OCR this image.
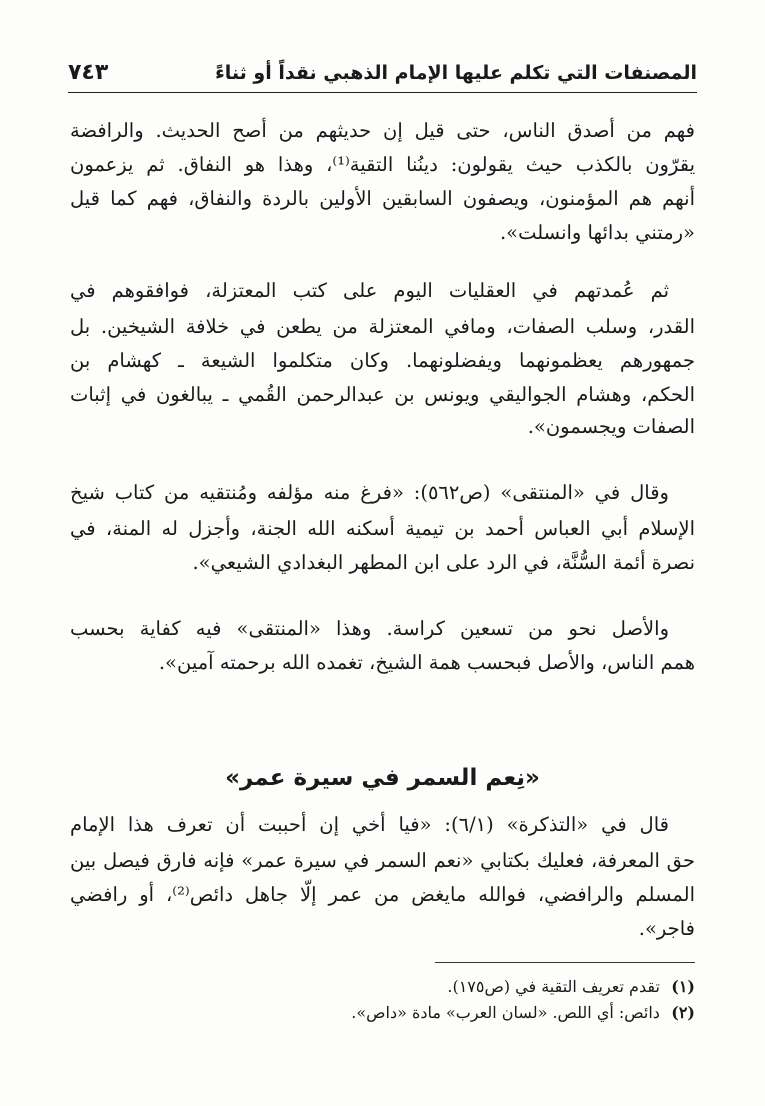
المصنفات التي تكلم عليها الإمام الذهبي نقداً أو ثناءً
٧٤٣
فهم من أصدق الناس، حتى قيل إن حديثهم من أصح الحديث. والرافضة
يقرّون بالكذب حيث يقولون: دينُنا التقية⁽¹⁾، وهذا هو النفاق. ثم يزعمون
أنهم هم المؤمنون، ويصفون السابقين الأولين بالردة والنفاق، فهم كما قيل
«رمتني بدائها وانسلت».
ثم عُمدتهم في العقليات اليوم على كتب المعتزلة، فوافقوهم في
القدر، وسلب الصفات، ومافي المعتزلة من يطعن في خلافة الشيخين. بل
جمهورهم يعظمونهما ويفضلونهما. وكان متكلموا الشيعة ـ كهشام بن
الحكم، وهشام الجواليقي ويونس بن عبدالرحمن القُمي ـ يبالغون في إثبات
الصفات ويجسمون».
وقال في «المنتقى» (ص٥٦٢): «فرغ منه مؤلفه ومُنتقيه من كتاب شيخ
الإسلام أبي العباس أحمد بن تيمية أسكنه الله الجنة، وأجزل له المنة، في
نصرة أئمة السُّنَّة، في الرد على ابن المطهر البغدادي الشيعي».
والأصل نحو من تسعين كراسة. وهذا «المنتقى» فيه كفاية بحسب
همم الناس، والأصل فبحسب همة الشيخ، تغمده الله برحمته آمين».
«نِعم السمر في سيرة عمر»
قال في «التذكرة» (٦/١): «فيا أخي إن أحببت أن تعرف هذا الإمام
حق المعرفة، فعليك بكتابي «نعم السمر في سيرة عمر» فإنه فارق فيصل بين
المسلم والرافضي، فوالله مايغض من عمر إلّا جاهل دائص⁽²⁾، أو رافضي
فاجر».
(١) تقدم تعريف التقية في (ص١٧٥).
(٢) دائص: أي اللص. «لسان العرب» مادة «داص».
